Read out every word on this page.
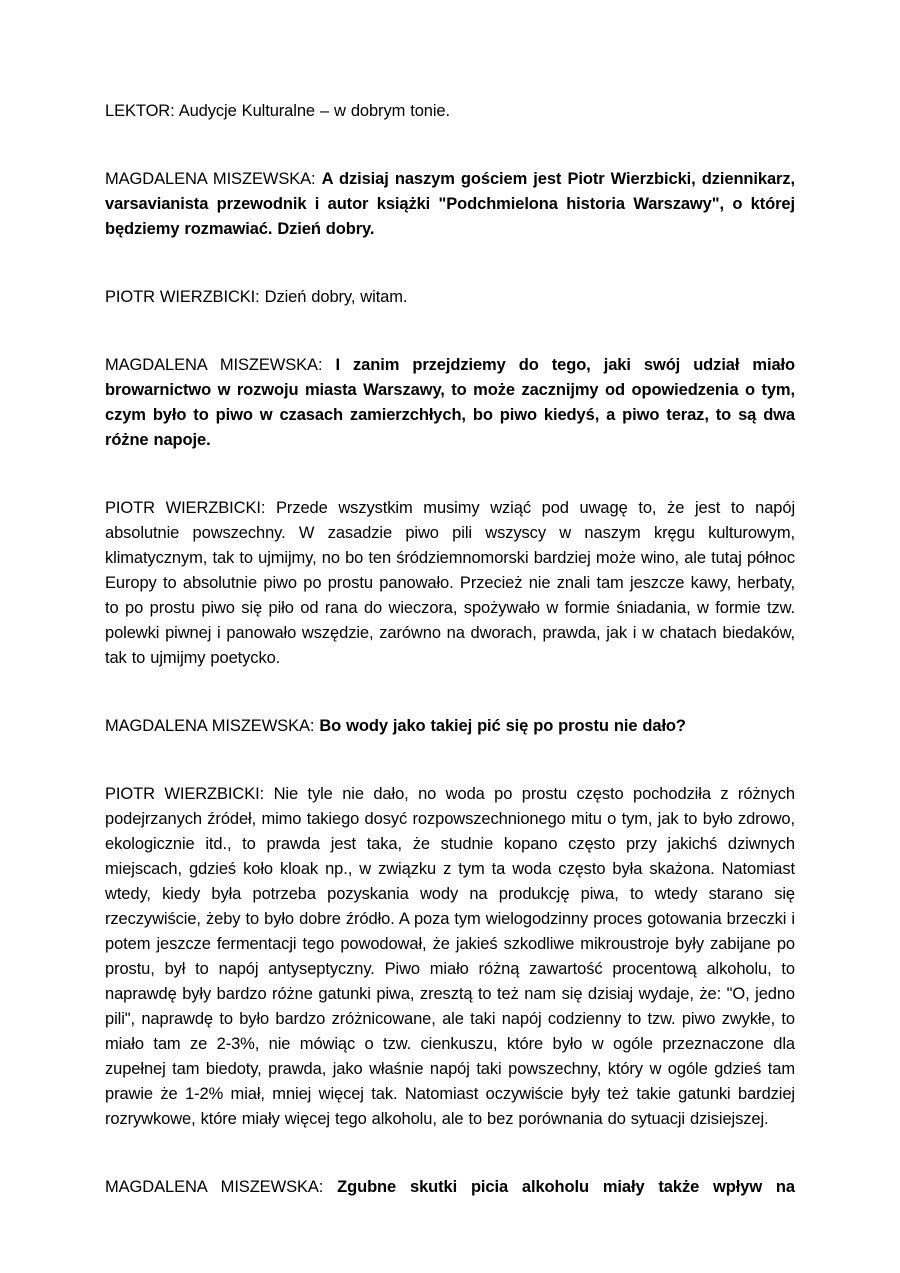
LEKTOR: Audycje Kulturalne – w dobrym tonie.

MAGDALENA MISZEWSKA: A dzisiaj naszym gościem jest Piotr Wierzbicki, dziennikarz, varsavianista przewodnik i autor książki "Podchmielona historia Warszawy", o której będziemy rozmawiać. Dzień dobry.

PIOTR WIERZBICKI: Dzień dobry, witam.

MAGDALENA MISZEWSKA: I zanim przejdziemy do tego, jaki swój udział miało browarnictwo w rozwoju miasta Warszawy, to może zacznijmy od opowiedzenia o tym, czym było to piwo w czasach zamierzchłych, bo piwo kiedyś, a piwo teraz, to są dwa różne napoje.

PIOTR WIERZBICKI: Przede wszystkim musimy wziąć pod uwagę to, że jest to napój absolutnie powszechny. W zasadzie piwo pili wszyscy w naszym kręgu kulturowym, klimatycznym, tak to ujmijmy, no bo ten śródziemnomorski bardziej może wino, ale tutaj północ Europy to absolutnie piwo po prostu panowało. Przecież nie znali tam jeszcze kawy, herbaty, to po prostu piwo się piło od rana do wieczora, spożywało w formie śniadania, w formie tzw. polewki piwnej i panowało wszędzie, zarówno na dworach, prawda, jak i w chatach biedaków, tak to ujmijmy poetycko.

MAGDALENA MISZEWSKA: Bo wody jako takiej pić się po prostu nie dało?

PIOTR WIERZBICKI: Nie tyle nie dało, no woda po prostu często pochodziła z różnych podejrzanych źródeł, mimo takiego dosyć rozpowszechnionego mitu o tym, jak to było zdrowo, ekologicznie itd., to prawda jest taka, że studnie kopano często przy jakichś dziwnych miejscach, gdzieś koło kloak np., w związku z tym ta woda często była skażona. Natomiast wtedy, kiedy była potrzeba pozyskania wody na produkcję piwa, to wtedy starano się rzeczywiście, żeby to było dobre źródło. A poza tym wielogodzinny proces gotowania brzeczki i potem jeszcze fermentacji tego powodował, że jakieś szkodliwe mikroustroje były zabijane po prostu, był to napój antyseptyczny. Piwo miało różną zawartość procentową alkoholu, to naprawdę były bardzo różne gatunki piwa, zresztą to też nam się dzisiaj wydaje, że: "O, jedno pili", naprawdę to było bardzo zróżnicowane, ale taki napój codzienny to tzw. piwo zwykłe, to miało tam ze 2-3%, nie mówiąc o tzw. cienkuszu, które było w ogóle przeznaczone dla zupełnej tam biedoty, prawda, jako właśnie napój taki powszechny, który w ogóle gdzieś tam prawie że 1-2% miał, mniej więcej tak. Natomiast oczywiście były też takie gatunki bardziej rozrywkowe, które miały więcej tego alkoholu, ale to bez porównania do sytuacji dzisiejszej.

MAGDALENA MISZEWSKA: Zgubne skutki picia alkoholu miały także wpływ na
